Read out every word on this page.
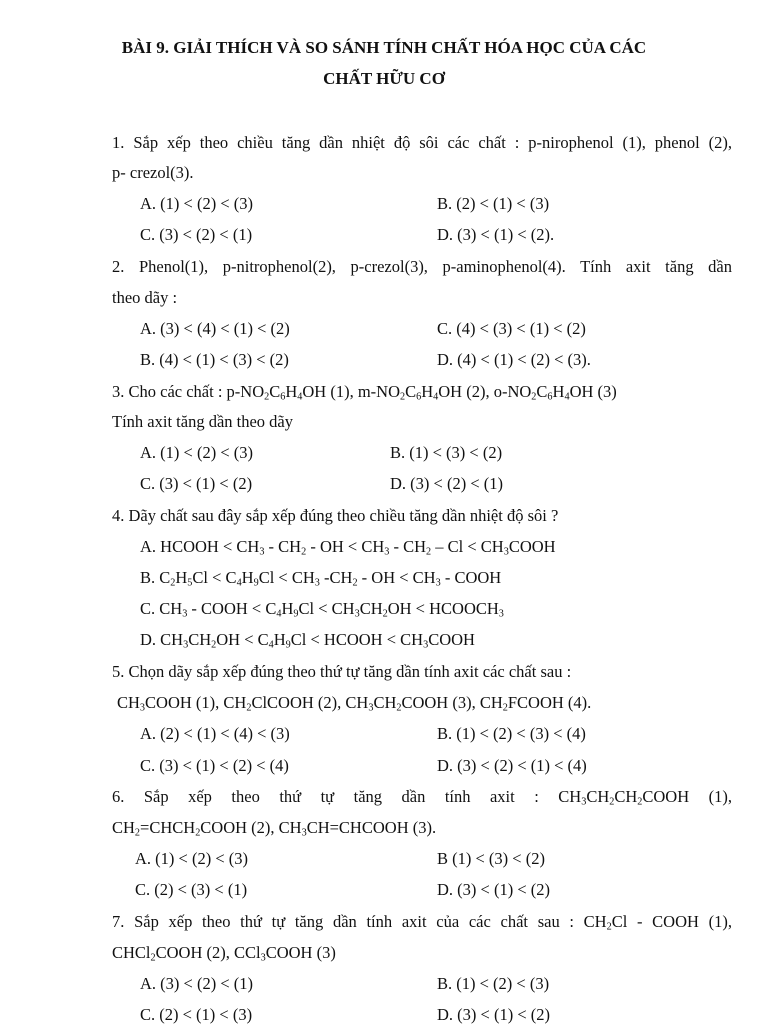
BÀI 9. GIẢI THÍCH VÀ SO SÁNH TÍNH CHẤT HÓA HỌC CỦA CÁC
CHẤT HỮU CƠ
1. Sắp xếp theo chiều tăng dần nhiệt độ sôi các chất : p-nirophenol (1), phenol (2),
p- crezol(3).
A. (1) < (2) < (3)	B. (2) < (1) < (3)
C. (3) < (2) < (1)	D. (3) < (1) < (2).
2. Phenol(1), p-nitrophenol(2), p-crezol(3), p-aminophenol(4). Tính axit tăng dần
theo dãy :
A. (3) < (4) < (1) < (2)	C. (4) < (3) < (1) < (2)
B. (4) < (1) < (3) < (2)	D. (4) < (1) < (2) < (3).
3. Cho các chất : $p-NO_2C_6H_4OH$ (1), $m-NO_2C_6H_4OH$ (2), $o-NO_2C_6H_4OH$ (3)
Tính axit tăng dần theo dãy
A. (1) < (2) < (3)	B. (1) < (3) < (2)
C. (3) < (1) < (2)	D. (3) < (2) < (1)
4. Dãy chất sau đây sắp xếp đúng theo chiều tăng dần nhiệt độ sôi ?
A. HCOOH < $CH_3 - CH_2$ - OH < $CH_3 - CH_2$ – $Cl < CH_3COOH$
B. $C_2H_5Cl < C_4H_9Cl < CH_3$ $-CH_2$ - OH < $CH_3$ - COOH
C. $CH_3$ - COOH < $C_4H_9Cl < CH_3CH_2OH$ < $HCOOCH_3$
D. $CH_3CH_2OH < C_4H_9Cl$ < HCOOH < $CH_3COOH$
5. Chọn dãy sắp xếp đúng theo thứ tự tăng dần tính axit các chất sau :
$CH_3COOH$ (1), $CH_2ClCOOH$ (2), $CH_3CH_2COOH$ (3), $CH_2FCOOH$ (4).
A. (2) < (1) < (4) < (3)	B. (1) < (2) < (3) < (4)
C. (3) < (1) < (2) < (4)	D. (3) < (2) < (1) < (4)
6. Sắp xếp theo thứ tự tăng dần tính axit : $CH_3CH_2CH_2COOH$ (1),
$CH_2=CHCH_2COOH$ (2), $CH_3CH=CHCOOH$ (3).
A. (1) < (2) < (3)	B (1) < (3) < (2)
C. (2) < (3) < (1)	D. (3) < (1) < (2)
7. Sắp xếp theo thứ tự tăng dần tính axit của các chất sau : $CH_2Cl$ - COOH (1),
CHCl$_2$COOH (2), CCl$_3$COOH (3)
A. (3) < (2) < (1)	B. (1) < (2) < (3)
C. (2) < (1) < (3)	D. (3) < (1) < (2)
